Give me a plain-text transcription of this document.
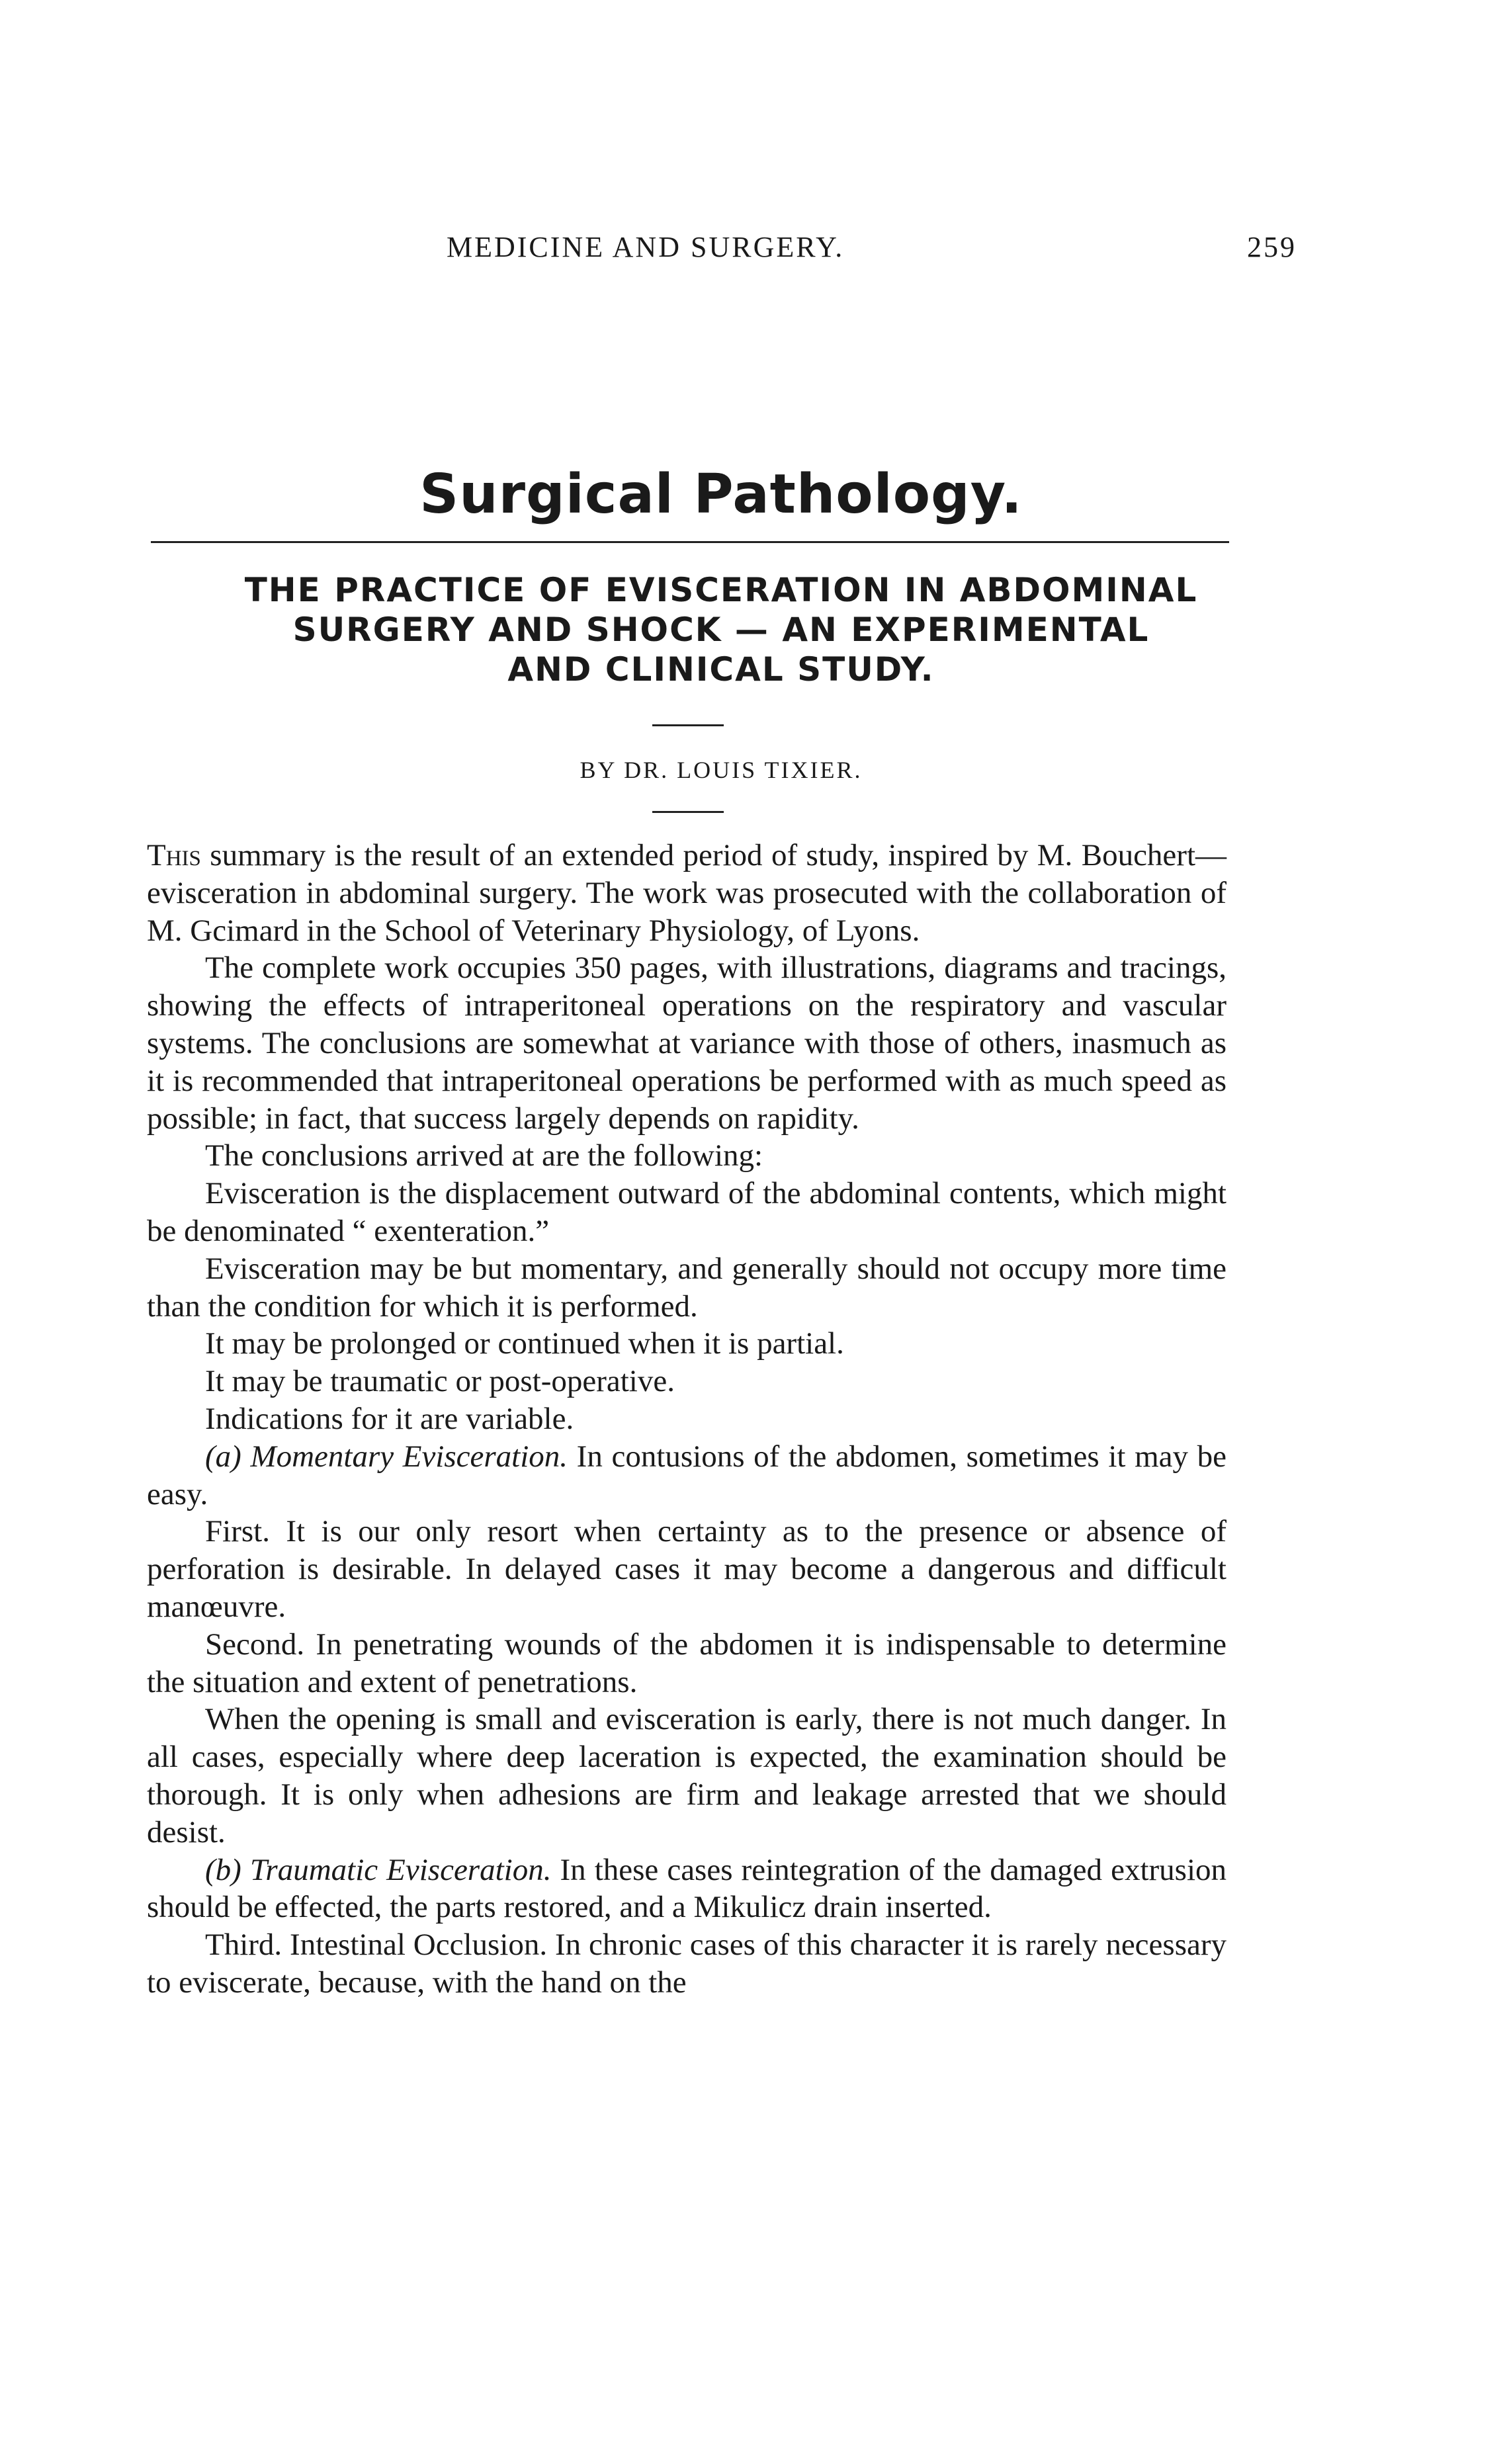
MEDICINE AND SURGERY.	259
Surgical Pathology.
THE PRACTICE OF EVISCERATION IN ABDOMINAL
SURGERY AND SHOCK — AN EXPERIMENTAL
AND CLINICAL STUDY.
BY DR. LOUIS TIXIER.

This summary is the result of an extended period of study, inspired by M. Bouchert—evisceration in abdominal surgery. The work was prosecuted with the collaboration of M. Gcimard in the School of Veterinary Physiology, of Lyons.

The complete work occupies 350 pages, with illustrations, diagrams and tracings, showing the effects of intraperitoneal operations on the respiratory and vascular systems. The conclusions are somewhat at variance with those of others, inasmuch as it is recommended that intraperitoneal operations be performed with as much speed as possible; in fact, that success largely depends on rapidity.

The conclusions arrived at are the following:

Evisceration is the displacement outward of the abdominal contents, which might be denominated “ exenteration.”

Evisceration may be but momentary, and generally should not occupy more time than the condition for which it is performed.

It may be prolonged or continued when it is partial.

It may be traumatic or post-operative.

Indications for it are variable.

(a) Momentary Evisceration. In contusions of the abdomen, sometimes it may be easy.

First. It is our only resort when certainty as to the presence or absence of perforation is desirable. In delayed cases it may become a dangerous and difficult manœuvre.

Second. In penetrating wounds of the abdomen it is indispensable to determine the situation and extent of penetrations.

When the opening is small and evisceration is early, there is not much danger. In all cases, especially where deep laceration is expected, the examination should be thorough. It is only when adhesions are firm and leakage arrested that we should desist.

(b) Traumatic Evisceration. In these cases reintegration of the damaged extrusion should be effected, the parts restored, and a Mikulicz drain inserted.

Third. Intestinal Occlusion. In chronic cases of this character it is rarely necessary to eviscerate, because, with the hand on the
